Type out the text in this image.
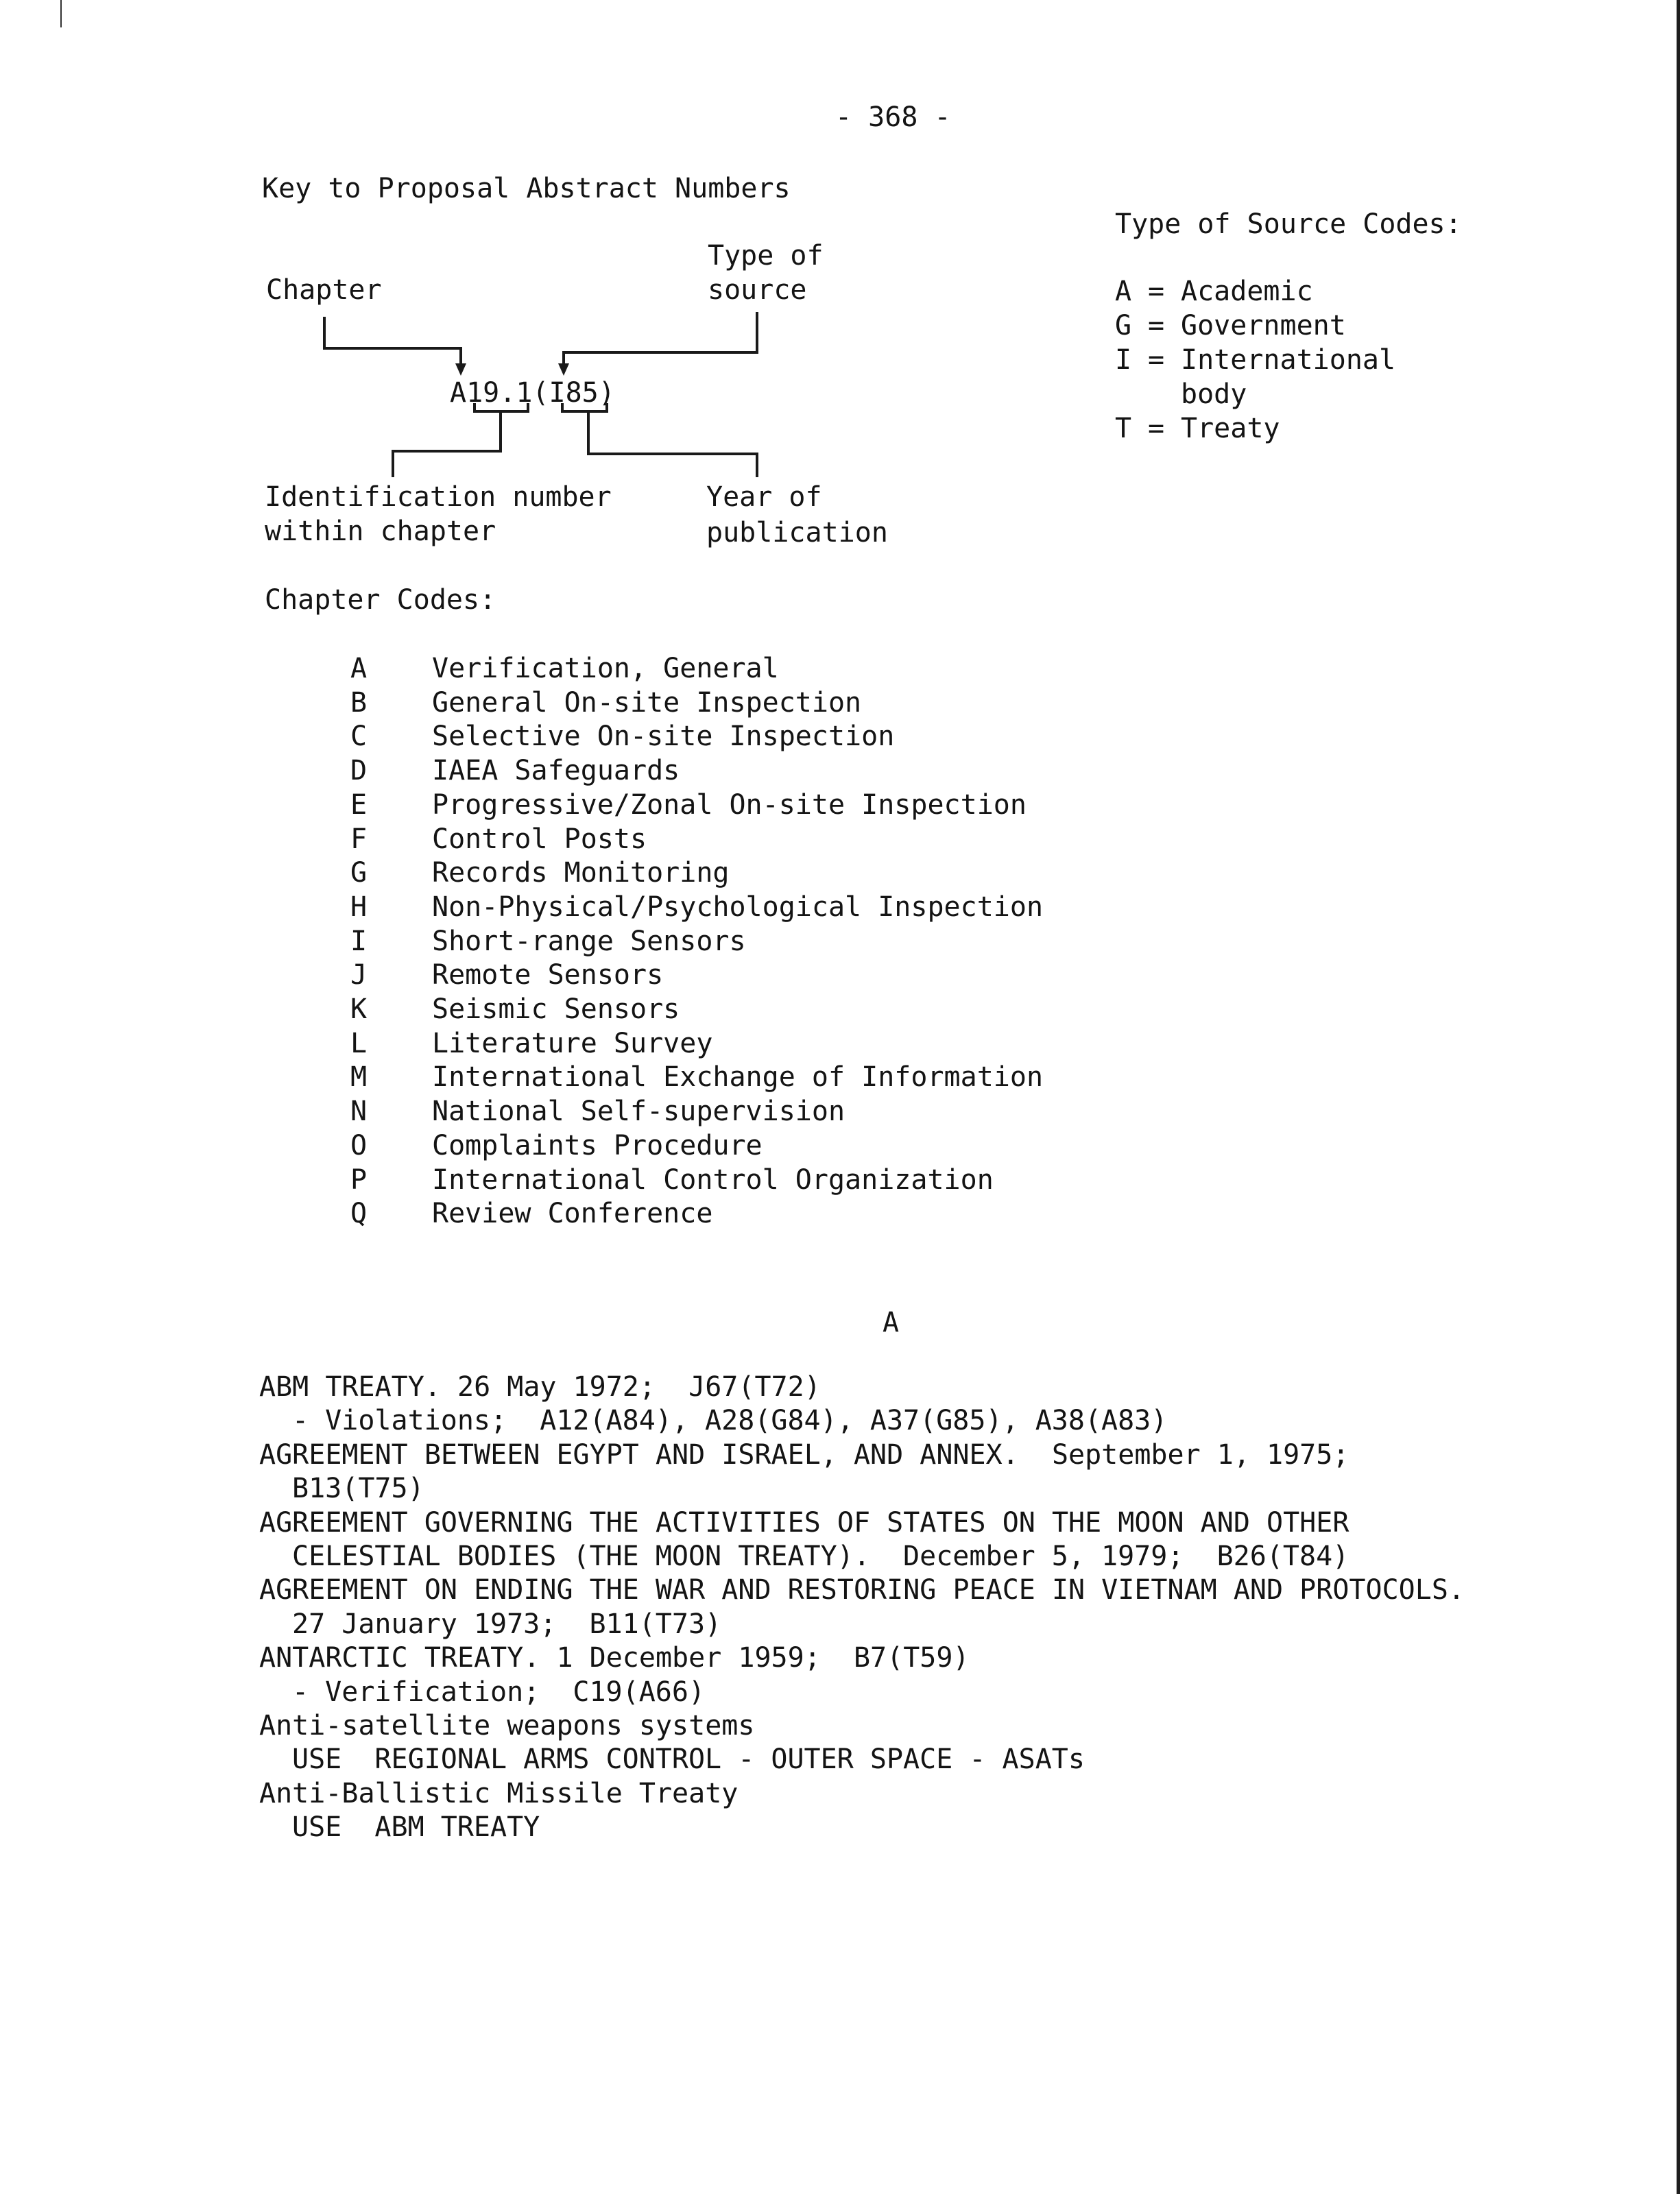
- 368 -
Key to Proposal Abstract Numbers
Type of
source
Chapter
A19.1(I85)
Identification number
within chapter
Year of
publication
Type of Source Codes:
A = Academic
G = Government
I = International
body
T = Treaty
Chapter Codes:
A Verification, General
B General On-site Inspection
C Selective On-site Inspection
D IAEA Safeguards
E Progressive/Zonal On-site Inspection
F Control Posts
G Records Monitoring
H Non-Physical/Psychological Inspection
I Short-range Sensors
J Remote Sensors
K Seismic Sensors
L Literature Survey
M International Exchange of Information
N National Self-supervision
O Complaints Procedure
P International Control Organization
Q Review Conference
A
ABM TREATY. 26 May 1972;  J67(T72)
- Violations;  A12(A84), A28(G84), A37(G85), A38(A83)
AGREEMENT BETWEEN EGYPT AND ISRAEL, AND ANNEX.  September 1, 1975;
B13(T75)
AGREEMENT GOVERNING THE ACTIVITIES OF STATES ON THE MOON AND OTHER
CELESTIAL BODIES (THE MOON TREATY).  December 5, 1979;  B26(T84)
AGREEMENT ON ENDING THE WAR AND RESTORING PEACE IN VIETNAM AND PROTOCOLS.
27 January 1973;  B11(T73)
ANTARCTIC TREATY. 1 December 1959;  B7(T59)
- Verification;  C19(A66)
Anti-satellite weapons systems
USE  REGIONAL ARMS CONTROL - OUTER SPACE - ASATs
Anti-Ballistic Missile Treaty
USE  ABM TREATY
